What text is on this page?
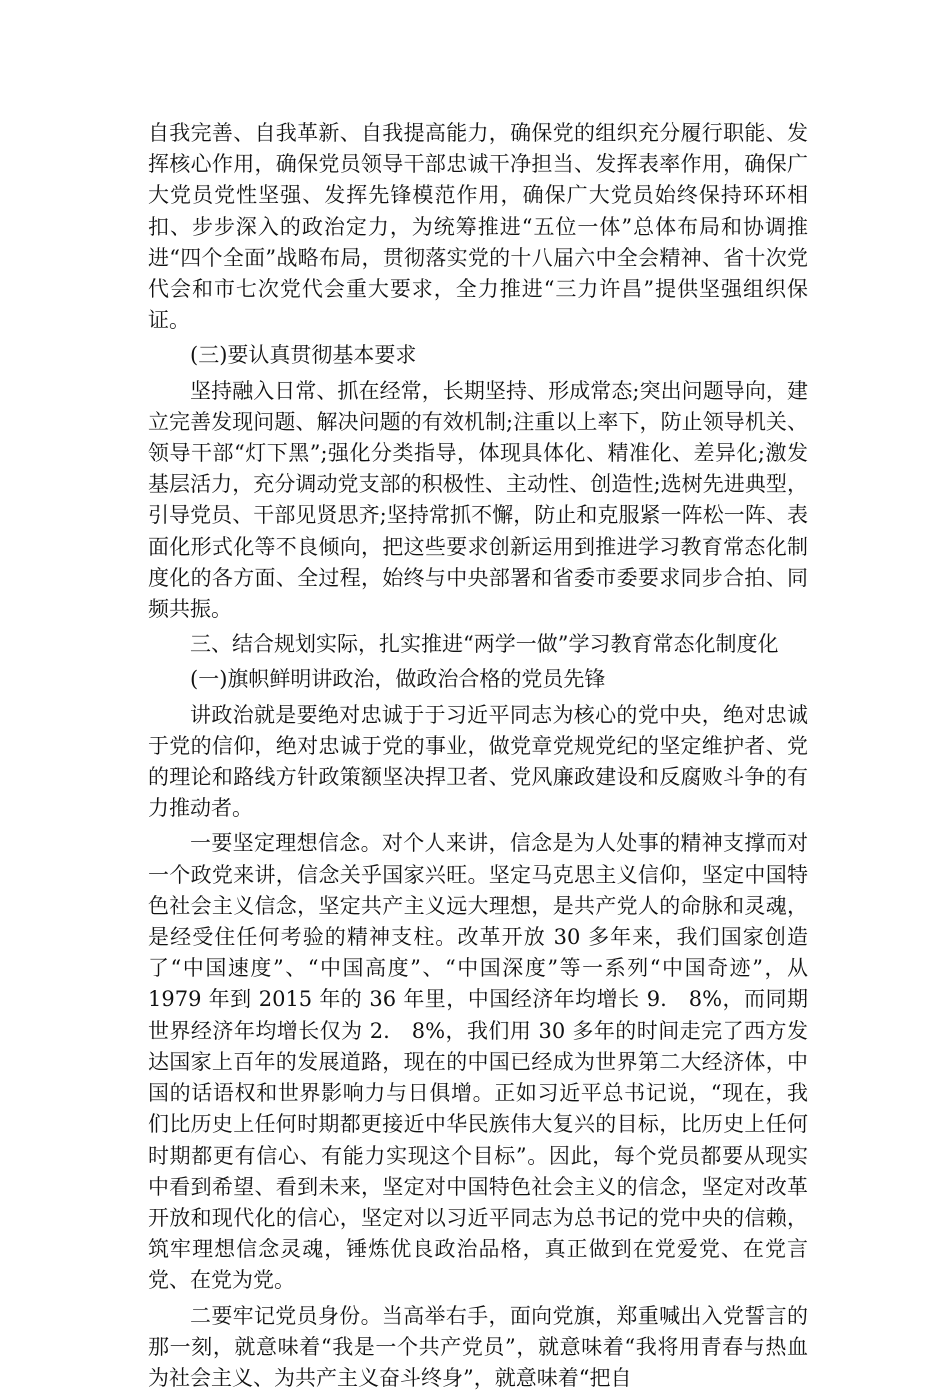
自我完善、自我革新、自我提高能力，确保党的组织充分履行职能、发挥核心作用，确保党员领导干部忠诚干净担当、发挥表率作用，确保广大党员党性坚强、发挥先锋模范作用，确保广大党员始终保持环环相扣、步步深入的政治定力，为统筹推进“五位一体”总体布局和协调推进“四个全面”战略布局，贯彻落实党的十八届六中全会精神、省十次党代会和市七次党代会重大要求，全力推进“三力许昌”提供坚强组织保证。

(三)要认真贯彻基本要求

坚持融入日常、抓在经常，长期坚持、形成常态;突出问题导向，建立完善发现问题、解决问题的有效机制;注重以上率下，防止领导机关、领导干部“灯下黑”;强化分类指导，体现具体化、精准化、差异化;激发基层活力，充分调动党支部的积极性、主动性、创造性;选树先进典型，引导党员、干部见贤思齐;坚持常抓不懈，防止和克服紧一阵松一阵、表面化形式化等不良倾向，把这些要求创新运用到推进学习教育常态化制度化的各方面、全过程，始终与中央部署和省委市委要求同步合拍、同频共振。

三、结合规划实际，扎实推进“两学一做”学习教育常态化制度化

(一)旗帜鲜明讲政治，做政治合格的党员先锋

讲政治就是要绝对忠诚于于习近平同志为核心的党中央，绝对忠诚于党的信仰，绝对忠诚于党的事业，做党章党规党纪的坚定维护者、党的理论和路线方针政策额坚决捍卫者、党风廉政建设和反腐败斗争的有力推动者。

一要坚定理想信念。对个人来讲，信念是为人处事的精神支撑而对一个政党来讲，信念关乎国家兴旺。坚定马克思主义信仰，坚定中国特色社会主义信念，坚定共产主义远大理想，是共产党人的命脉和灵魂，是经受住任何考验的精神支柱。改革开放 30 多年来，我们国家创造了“中国速度”、“中国高度”、“中国深度”等一系列“中国奇迹”，从 1979 年到 2015 年的 36 年里，中国经济年均增长 9.　8%，而同期世界经济年均增长仅为 2.　8%，我们用 30 多年的时间走完了西方发达国家上百年的发展道路，现在的中国已经成为世界第二大经济体，中国的话语权和世界影响力与日俱增。正如习近平总书记说，“现在，我们比历史上任何时期都更接近中华民族伟大复兴的目标，比历史上任何时期都更有信心、有能力实现这个目标”。因此，每个党员都要从现实中看到希望、看到未来，坚定对中国特色社会主义的信念，坚定对改革开放和现代化的信心，坚定对以习近平同志为总书记的党中央的信赖，筑牢理想信念灵魂，锤炼优良政治品格，真正做到在党爱党、在党言党、在党为党。

二要牢记党员身份。当高举右手，面向党旗，郑重喊出入党誓言的那一刻，就意味着“我是一个共产党员”，就意味着“我将用青春与热血为社会主义、为共产主义奋斗终身”，就意味着“把自
